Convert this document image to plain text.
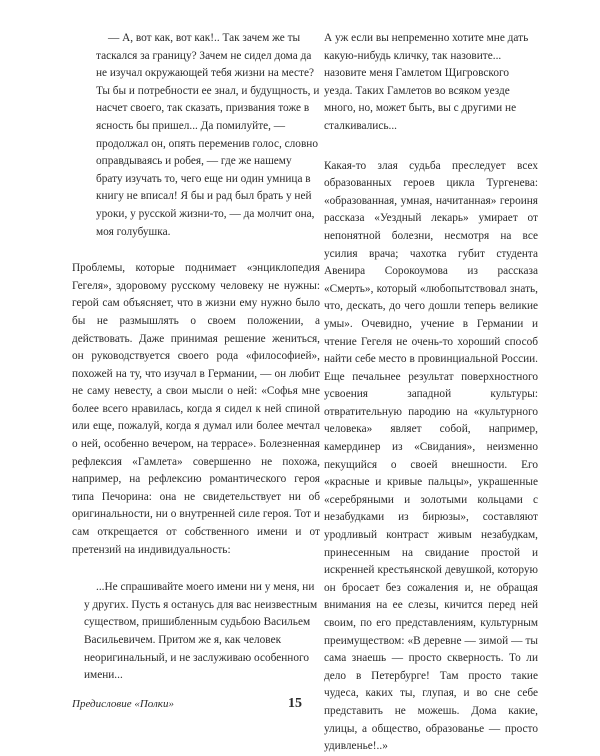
— А, вот как, вот как!.. Так зачем же ты таскался за границу? Зачем не сидел дома да не изучал окружающей тебя жизни на месте? Ты бы и потребности ее знал, и будущность, и насчет своего, так сказать, призвания тоже в ясность бы пришел... Да помилуйте, — продолжал он, опять переменив голос, словно оправдываясь и робея, — где же нашему брату изучать то, чего еще ни один умница в книгу не вписал! Я бы и рад был брать у ней уроки, у русской жизни-то, — да молчит она, моя голубушка.

Проблемы, которые поднимает «энциклопедия Гегеля», здоровому русскому человеку не нужны: герой сам объясняет, что в жизни ему нужно было бы не размышлять о своем положении, а действовать. Даже принимая решение жениться, он руководствуется своего рода «философией», похожей на ту, что изучал в Германии, — он любит не саму невесту, а свои мысли о ней: «Софья мне более всего нравилась, когда я сидел к ней спиной или еще, пожалуй, когда я думал или более мечтал о ней, особенно вечером, на террасе». Болезненная рефлексия «Гамлета» совершенно не похожа, например, на рефлексию романтического героя типа Печорина: она не свидетельствует ни об оригинальности, ни о внутренней силе героя. Тот и сам открещается от собственного имени и от претензий на индивидуальность:

...Не спрашивайте моего имени ни у меня, ни у других. Пусть я останусь для вас неизвестным существом, пришибленным судьбою Васильем Васильевичем. Притом же я, как человек неоригинальный, и не заслуживаю особенного имени...

А уж если вы непременно хотите мне дать какую-нибудь кличку, так назовите... назовите меня Гамлетом Щигровского уезда. Таких Гамлетов во всяком уезде много, но, может быть, вы с другими не сталкивались...

Какая-то злая судьба преследует всех образованных героев цикла Тургенева: «образованная, умная, начитанная» героиня рассказа «Уездный лекарь» умирает от непонятной болезни, несмотря на все усилия врача; чахотка губит студента Авенира Сорокоумова из рассказа «Смерть», который «любопытствовал знать, что, дескать, до чего дошли теперь великие умы». Очевидно, учение в Германии и чтение Гегеля не очень-то хороший способ найти себе место в провинциальной России. Еще печальнее результат поверхностного усвоения западной культуры: отвратительную пародию на «культурного человека» являет собой, например, камердинер из «Свидания», неизменно пекущийся о своей внешности. Его «красные и кривые пальцы», украшенные «серебряными и золотыми кольцами с незабудками из бирюзы», составляют уродливый контраст живым незабудкам, принесенным на свидание простой и искренней крестьянской девушкой, которую он бросает без сожаления и, не обращая внимания на ее слезы, кичится перед ней своим, по его представлениям, культурным преимуществом: «В деревне — зимой — ты сама знаешь — просто скверность. То ли дело в Петербурге! Там просто такие чудеса, каких ты, глупая, и во сне себе представить не можешь. Дома какие, улицы, а общество, образованье — просто удивленье!..»

Предисловие «Полки»	15
